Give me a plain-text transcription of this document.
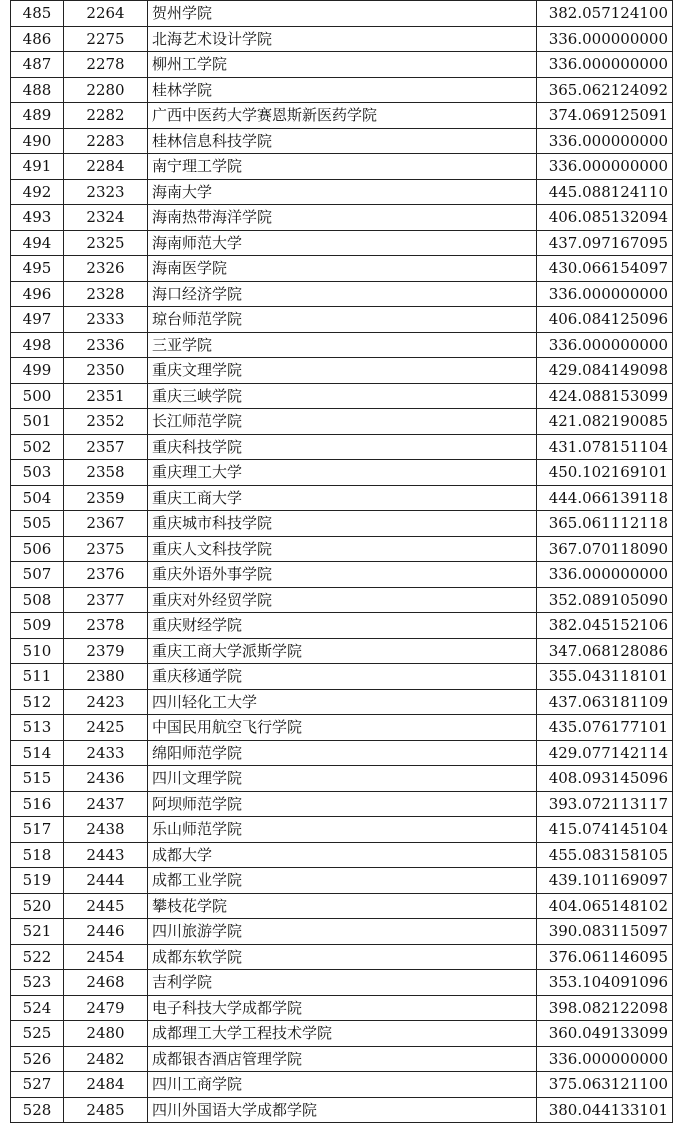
485	2264	贺州学院	382.057124100
486	2275	北海艺术设计学院	336.000000000
487	2278	柳州工学院	336.000000000
488	2280	桂林学院	365.062124092
489	2282	广西中医药大学赛恩斯新医药学院	374.069125091
490	2283	桂林信息科技学院	336.000000000
491	2284	南宁理工学院	336.000000000
492	2323	海南大学	445.088124110
493	2324	海南热带海洋学院	406.085132094
494	2325	海南师范大学	437.097167095
495	2326	海南医学院	430.066154097
496	2328	海口经济学院	336.000000000
497	2333	琼台师范学院	406.084125096
498	2336	三亚学院	336.000000000
499	2350	重庆文理学院	429.084149098
500	2351	重庆三峡学院	424.088153099
501	2352	长江师范学院	421.082190085
502	2357	重庆科技学院	431.078151104
503	2358	重庆理工大学	450.102169101
504	2359	重庆工商大学	444.066139118
505	2367	重庆城市科技学院	365.061112118
506	2375	重庆人文科技学院	367.070118090
507	2376	重庆外语外事学院	336.000000000
508	2377	重庆对外经贸学院	352.089105090
509	2378	重庆财经学院	382.045152106
510	2379	重庆工商大学派斯学院	347.068128086
511	2380	重庆移通学院	355.043118101
512	2423	四川轻化工大学	437.063181109
513	2425	中国民用航空飞行学院	435.076177101
514	2433	绵阳师范学院	429.077142114
515	2436	四川文理学院	408.093145096
516	2437	阿坝师范学院	393.072113117
517	2438	乐山师范学院	415.074145104
518	2443	成都大学	455.083158105
519	2444	成都工业学院	439.101169097
520	2445	攀枝花学院	404.065148102
521	2446	四川旅游学院	390.083115097
522	2454	成都东软学院	376.061146095
523	2468	吉利学院	353.104091096
524	2479	电子科技大学成都学院	398.082122098
525	2480	成都理工大学工程技术学院	360.049133099
526	2482	成都银杏酒店管理学院	336.000000000
527	2484	四川工商学院	375.063121100
528	2485	四川外国语大学成都学院	380.044133101
